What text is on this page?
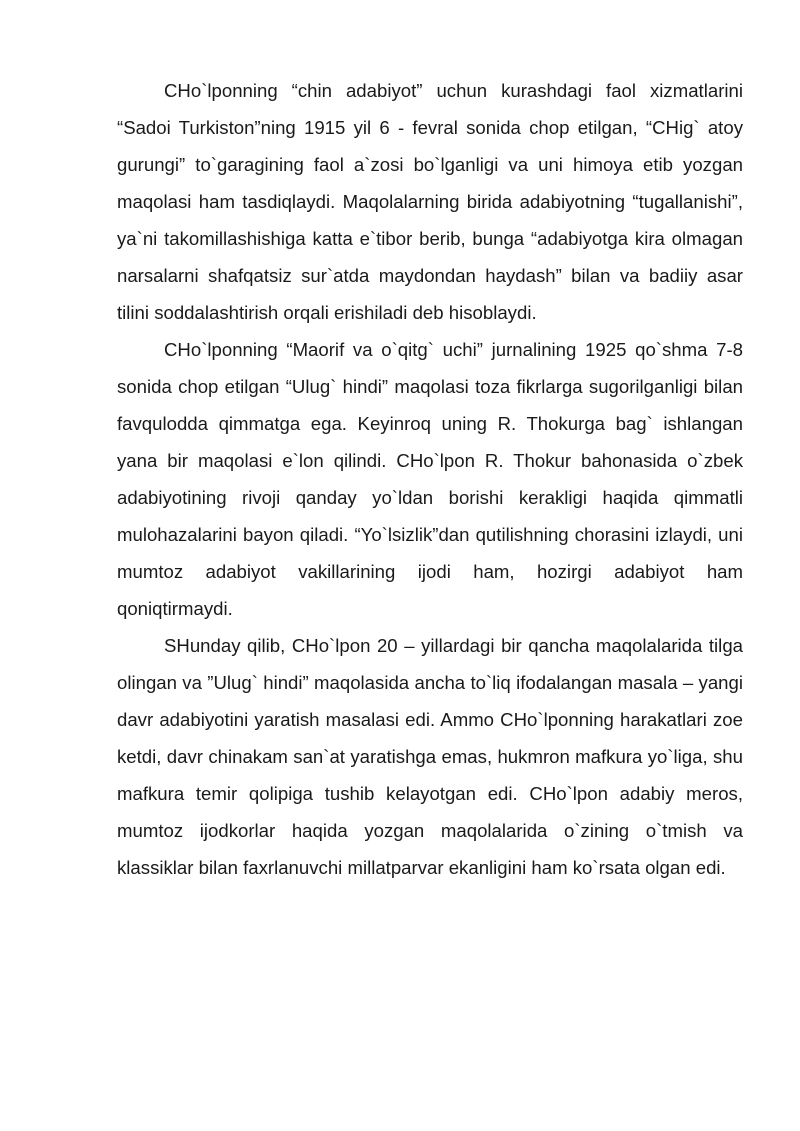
CHo`lponning “chin adabiyot” uchun kurashdagi faol xizmatlarini “Sadoi Turkiston”ning 1915 yil 6 - fevral sonida chop etilgan, “CHig` atoy gurungi” to`garagining faol a`zosi bo`lganligi va uni himoya etib yozgan maqolasi ham tasdiqlaydi. Maqolalarning birida adabiyotning “tugallanishi”, ya`ni takomillashishiga katta e`tibor berib, bunga “adabiyotga kira olmagan narsalarni shafqatsiz sur`atda maydondan haydash” bilan va badiiy asar tilini soddalashtirish orqali erishiladi deb hisoblaydi.

CHo`lponning “Maorif va o`qitg` uchi” jurnalining 1925 qo`shma 7-8 sonida chop etilgan “Ulug` hindi” maqolasi toza fikrlarga sugorilganligi bilan favqulodda qimmatga ega. Keyinroq uning R. Thokurga bag` ishlangan yana bir maqolasi e`lon qilindi. CHo`lpon R. Thokur bahonasida o`zbek adabiyotining rivoji qanday yo`ldan borishi kerakligi haqida qimmatli mulohazalarini bayon qiladi. “Yo`lsizlik”dan qutilishning chorasini izlaydi, uni mumtoz adabiyot vakillarining ijodi ham, hozirgi adabiyot ham qoniqtirmaydi.

SHunday qilib, CHo`lpon 20 – yillardagi bir qancha maqolalarida tilga olingan va ”Ulug` hindi” maqolasida ancha to`liq ifodalangan masala – yangi davr adabiyotini yaratish masalasi edi. Ammo CHo`lponning harakatlari zoe ketdi, davr chinakam san`at yaratishga emas, hukmron mafkura yo`liga, shu mafkura temir qolipiga tushib kelayotgan edi. CHo`lpon adabiy meros, mumtoz ijodkorlar haqida yozgan maqolalarida o`zining o`tmish va klassiklar bilan faxrlanuvchi millatparvar ekanligini ham ko`rsata olgan edi.
